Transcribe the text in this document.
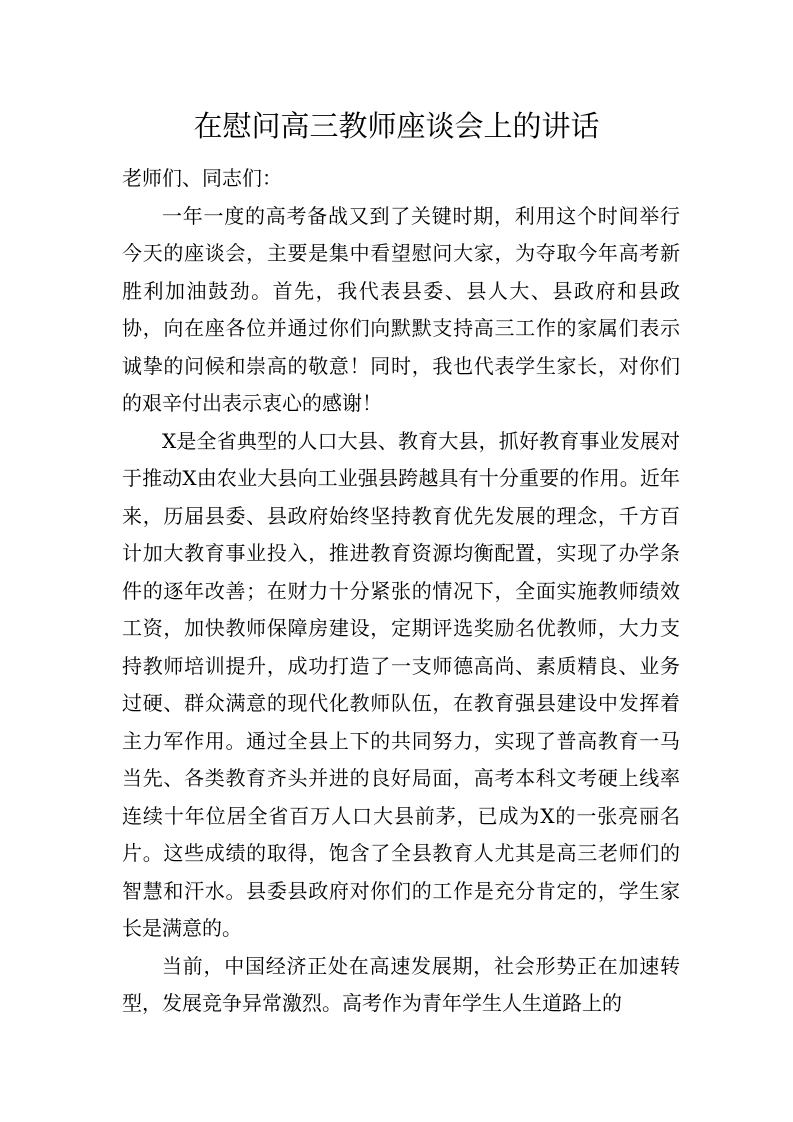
在慰问高三教师座谈会上的讲话

老师们、同志们：

一年一度的高考备战又到了关键时期，利用这个时间举行今天的座谈会，主要是集中看望慰问大家，为夺取今年高考新胜利加油鼓劲。首先，我代表县委、县人大、县政府和县政协，向在座各位并通过你们向默默支持高三工作的家属们表示诚挚的问候和崇高的敬意！同时，我也代表学生家长，对你们的艰辛付出表示衷心的感谢！

X是全省典型的人口大县、教育大县，抓好教育事业发展对于推动X由农业大县向工业强县跨越具有十分重要的作用。近年来，历届县委、县政府始终坚持教育优先发展的理念，千方百计加大教育事业投入，推进教育资源均衡配置，实现了办学条件的逐年改善；在财力十分紧张的情况下，全面实施教师绩效工资，加快教师保障房建设，定期评选奖励名优教师，大力支持教师培训提升，成功打造了一支师德高尚、素质精良、业务过硬、群众满意的现代化教师队伍，在教育强县建设中发挥着主力军作用。通过全县上下的共同努力，实现了普高教育一马当先、各类教育齐头并进的良好局面，高考本科文考硬上线率连续十年位居全省百万人口大县前茅，已成为X的一张亮丽名片。这些成绩的取得，饱含了全县教育人尤其是高三老师们的智慧和汗水。县委县政府对你们的工作是充分肯定的，学生家长是满意的。

当前，中国经济正处在高速发展期，社会形势正在加速转型，发展竞争异常激烈。高考作为青年学生人生道路上的
